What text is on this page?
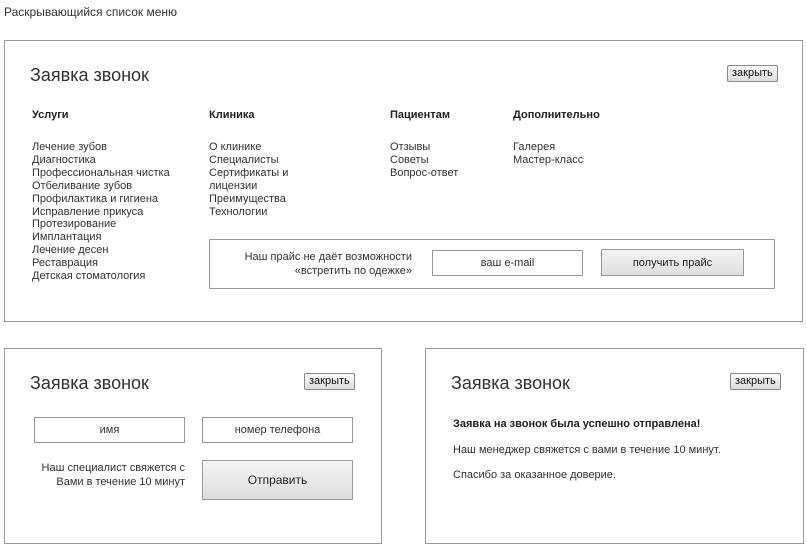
Раскрывающийся список меню
Заявка звонок	закрыть
Услуги
Лечение зубов
Диагностика
Профессиональная чистка
Отбеливание зубов
Профилактика и гигиена
Исправление прикуса
Протезирование
Имплантация
Лечение десен
Реставрация
Детская стоматология
Клиника
О клинике
Специалисты
Сертификаты и
лицензии
Преимущества
Технологии
Пациентам
Отзывы
Советы
Вопрос-ответ
Дополнительно
Галерея
Мастер-класс
Наш прайс не даёт возможности
«встретить по одежке»
ваш e-mail
получить прайс
Заявка звонок	закрыть
имя
номер телефона
Наш специалист свяжется с
Вами в течение 10 минут	Отправить
Заявка звонок	закрыть
Заявка на звонок была успешно отправлена!
Наш менеджер свяжется с вами в течение 10 минут.
Спасибо за оказанное доверие.
